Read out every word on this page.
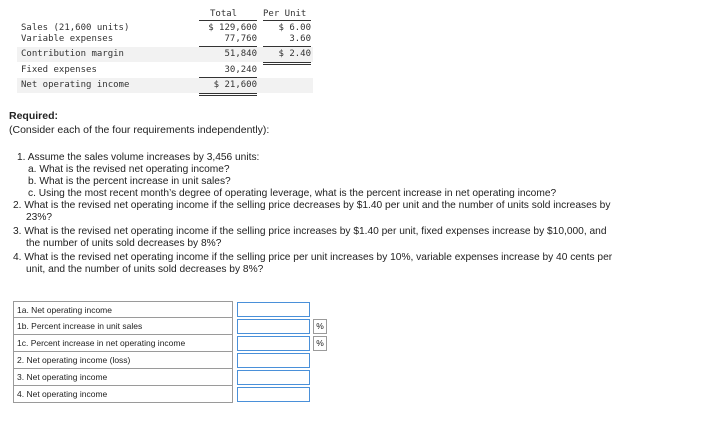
Total	Per Unit
Sales (21,600 units)	$ 129,600	$ 6.00
Variable expenses	77,760	3.60
Contribution margin	51,840	$ 2.40
Fixed expenses	30,240
Net operating income	$ 21,600
Required:
(Consider each of the four requirements independently):
1. Assume the sales volume increases by 3,456 units:
a. What is the revised net operating income?
b. What is the percent increase in unit sales?
c. Using the most recent month’s degree of operating leverage, what is the percent increase in net operating income?
2. What is the revised net operating income if the selling price decreases by $1.40 per unit and the number of units sold increases by
23%?
3. What is the revised net operating income if the selling price increases by $1.40 per unit, fixed expenses increase by $10,000, and
the number of units sold decreases by 8%?
4. What is the revised net operating income if the selling price per unit increases by 10%, variable expenses increase by 40 cents per
unit, and the number of units sold decreases by 8%?
1a. Net operating income
1b. Percent increase in unit sales	%
1c. Percent increase in net operating income	%
2. Net operating income (loss)
3. Net operating income
4. Net operating income
